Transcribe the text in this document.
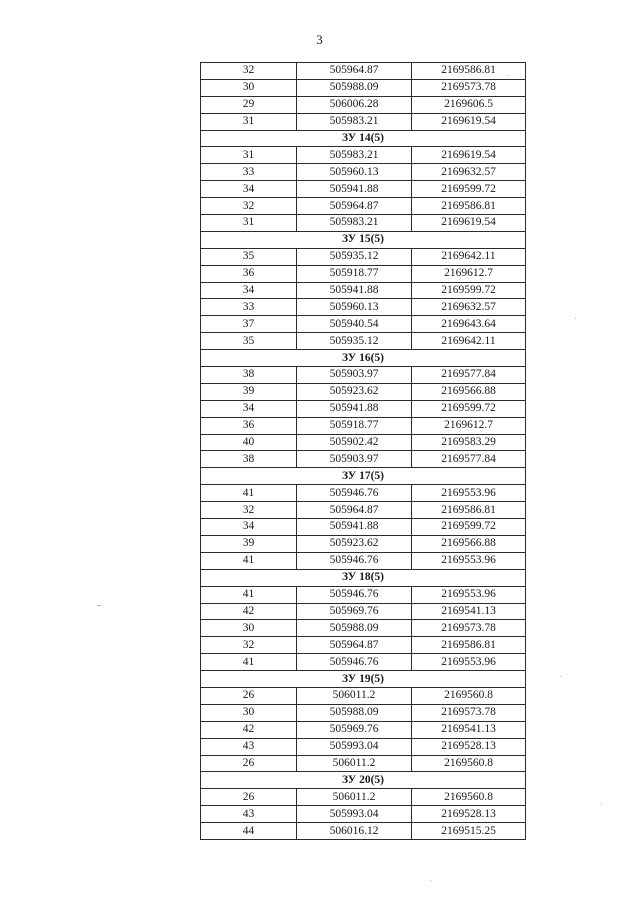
3
32	505964.87	2169586.81
30	505988.09	2169573.78
29	506006.28	2169606.5
31	505983.21	2169619.54
ЗУ 14(5)		
31	505983.21	2169619.54
33	505960.13	2169632.57
34	505941.88	2169599.72
32	505964.87	2169586.81
31	505983.21	2169619.54
ЗУ 15(5)		
35	505935.12	2169642.11
36	505918.77	2169612.7
34	505941.88	2169599.72
33	505960.13	2169632.57
37	505940.54	2169643.64
35	505935.12	2169642.11
ЗУ 16(5)		
38	505903.97	2169577.84
39	505923.62	2169566.88
34	505941.88	2169599.72
36	505918.77	2169612.7
40	505902.42	2169583.29
38	505903.97	2169577.84
ЗУ 17(5)		
41	505946.76	2169553.96
32	505964.87	2169586.81
34	505941.88	2169599.72
39	505923.62	2169566.88
41	505946.76	2169553.96
ЗУ 18(5)		
41	505946.76	2169553.96
42	505969.76	2169541.13
30	505988.09	2169573.78
32	505964.87	2169586.81
41	505946.76	2169553.96
ЗУ 19(5)		
26	506011.2	2169560.8
30	505988.09	2169573.78
42	505969.76	2169541.13
43	505993.04	2169528.13
26	506011.2	2169560.8
ЗУ 20(5)		
26	506011.2	2169560.8
43	505993.04	2169528.13
44	506016.12	2169515.25
